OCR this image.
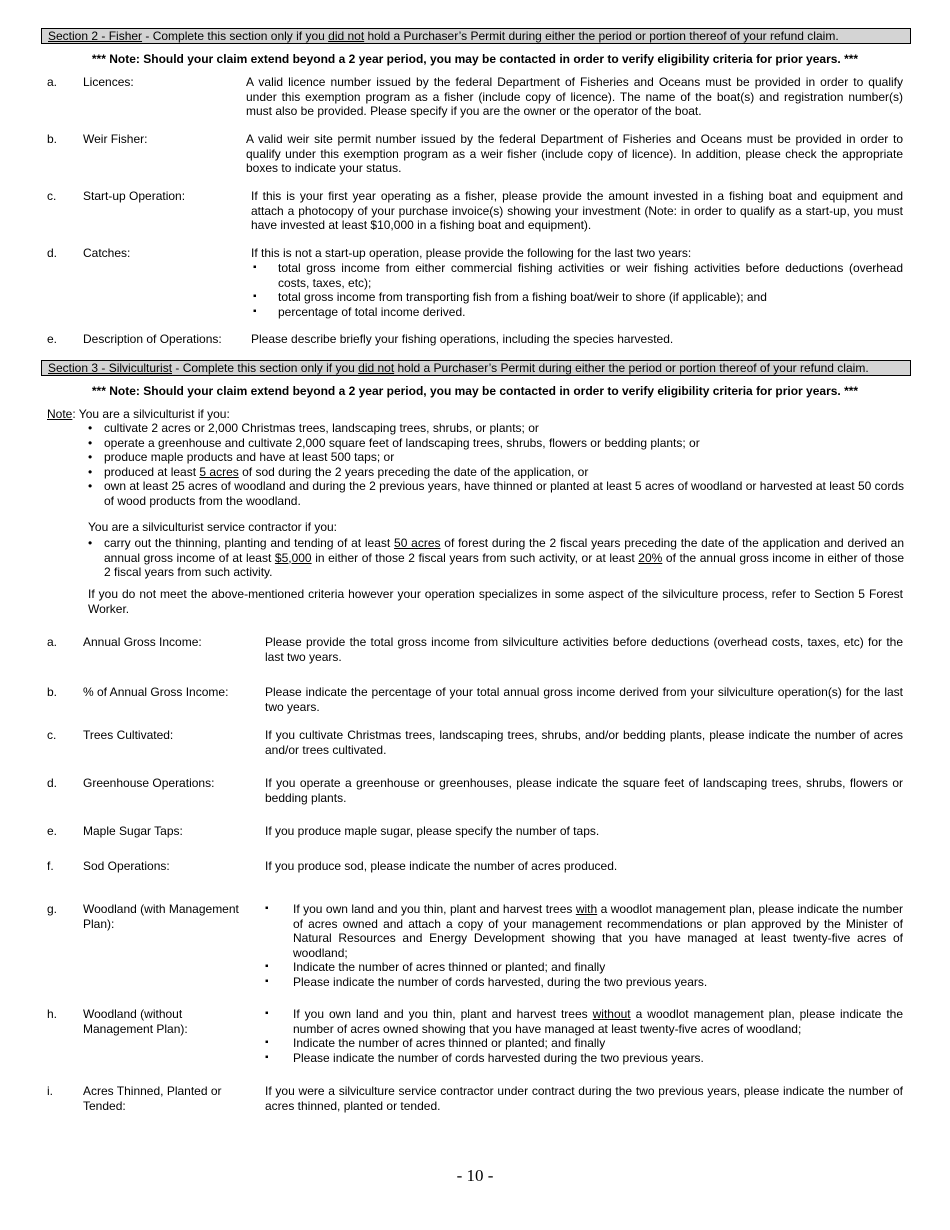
Section 2 - Fisher - Complete this section only if you did not hold a Purchaser’s Permit during either the period or portion thereof of your refund claim.
*** Note: Should your claim extend beyond a 2 year period, you may be contacted in order to verify eligibility criteria for prior years. ***
a. Licences:	A valid licence number issued by the federal Department of Fisheries and Oceans must be provided in order to qualify under this exemption program as a fisher (include copy of licence). The name of the boat(s) and registration number(s) must also be provided. Please specify if you are the owner or the operator of the boat.
b. Weir Fisher:	A valid weir site permit number issued by the federal Department of Fisheries and Oceans must be provided in order to qualify under this exemption program as a weir fisher (include copy of licence). In addition, please check the appropriate boxes to indicate your status.
c. Start-up Operation:	If this is your first year operating as a fisher, please provide the amount invested in a fishing boat and equipment and attach a photocopy of your purchase invoice(s) showing your investment (Note: in order to qualify as a start-up, you must have invested at least $10,000 in a fishing boat and equipment).
d. Catches:	If this is not a start-up operation, please provide the following for the last two years:
▪ total gross income from either commercial fishing activities or weir fishing activities before deductions (overhead costs, taxes, etc);
▪ total gross income from transporting fish from a fishing boat/weir to shore (if applicable); and
▪ percentage of total income derived.
e. Description of Operations: Please describe briefly your fishing operations, including the species harvested.
Section 3 - Silviculturist - Complete this section only if you did not hold a Purchaser’s Permit during either the period or portion thereof of your refund claim.
*** Note: Should your claim extend beyond a 2 year period, you may be contacted in order to verify eligibility criteria for prior years. ***
Note: You are a silviculturist if you:
• cultivate 2 acres or 2,000 Christmas trees, landscaping trees, shrubs, or plants; or
• operate a greenhouse and cultivate 2,000 square feet of landscaping trees, shrubs, flowers or bedding plants; or
• produce maple products and have at least 500 taps; or
• produced at least 5 acres of sod during the 2 years preceding the date of the application, or
• own at least 25 acres of woodland and during the 2 previous years, have thinned or planted at least 5 acres of woodland or harvested at least 50 cords of wood products from the woodland.
You are a silviculturist service contractor if you:
• carry out the thinning, planting and tending of at least 50 acres of forest during the 2 fiscal years preceding the date of the application and derived an annual gross income of at least $5,000 in either of those 2 fiscal years from such activity, or at least 20% of the annual gross income in either of those 2 fiscal years from such activity.
If you do not meet the above-mentioned criteria however your operation specializes in some aspect of the silviculture process, refer to Section 5 Forest Worker.
a. Annual Gross Income:	Please provide the total gross income from silviculture activities before deductions (overhead costs, taxes, etc) for the last two years.
b. % of Annual Gross Income:	Please indicate the percentage of your total annual gross income derived from your silviculture operation(s) for the last two years.
c. Trees Cultivated:	If you cultivate Christmas trees, landscaping trees, shrubs, and/or bedding plants, please indicate the number of acres and/or trees cultivated.
d. Greenhouse Operations:	If you operate a greenhouse or greenhouses, please indicate the square feet of landscaping trees, shrubs, flowers or bedding plants.
e. Maple Sugar Taps:	If you produce maple sugar, please specify the number of taps.
f. Sod Operations:	If you produce sod, please indicate the number of acres produced.
g. Woodland (with Management Plan):
▪ If you own land and you thin, plant and harvest trees with a woodlot management plan, please indicate the number of acres owned and attach a copy of your management recommendations or plan approved by the Minister of Natural Resources and Energy Development showing that you have managed at least twenty-five acres of woodland;
▪ Indicate the number of acres thinned or planted; and finally
▪ Please indicate the number of cords harvested, during the two previous years.
h. Woodland (without Management Plan):
▪ If you own land and you thin, plant and harvest trees without a woodlot management plan, please indicate the number of acres owned showing that you have managed at least twenty-five acres of woodland;
▪ Indicate the number of acres thinned or planted; and finally
▪ Please indicate the number of cords harvested during the two previous years.
i.	Acres Thinned, Planted or Tended:
If you were a silviculture service contractor under contract during the two previous years, please indicate the number of acres thinned, planted or tended.
- 10 -
